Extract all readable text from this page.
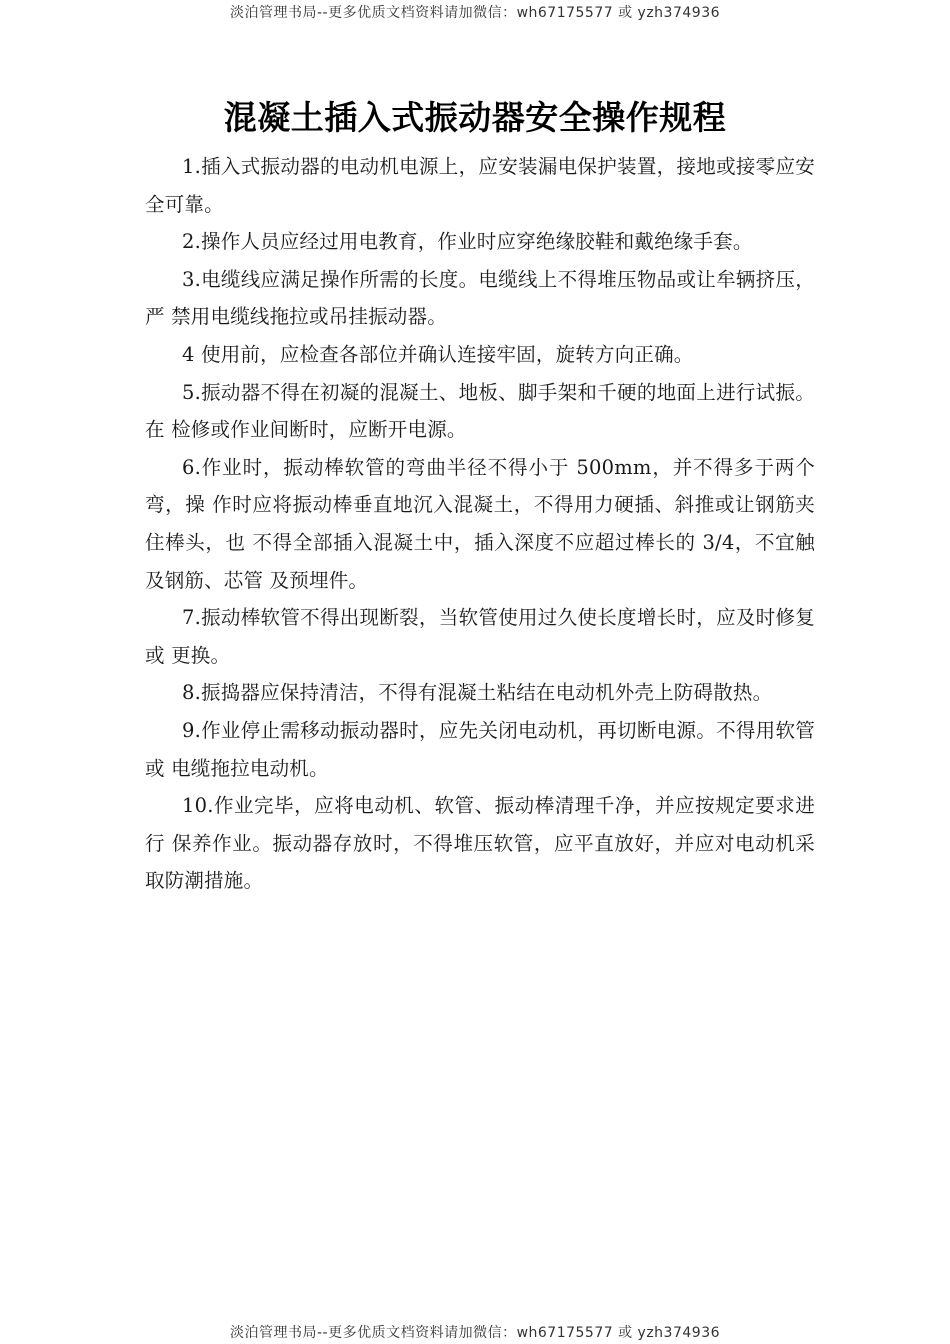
淡泊管理书局--更多优质文档资料请加微信：wh67175577 或 yzh374936
混凝土插入式振动器安全操作规程

1.插入式振动器的电动机电源上，应安装漏电保护装置，接地或接零应安全可靠。

2.操作人员应经过用电教育，作业时应穿绝缘胶鞋和戴绝缘手套。

3.电缆线应满足操作所需的长度。电缆线上不得堆压物品或让牟辆挤压，严 禁用电缆线拖拉或吊挂振动器。

4 使用前，应检查各部位并确认连接牢固，旋转方向正确。

5.振动器不得在初凝的混凝土、地板、脚手架和千硬的地面上进行试振。在 检修或作业间断时，应断开电源。

6.作业时，振动棒软管的弯曲半径不得小于 500mm，并不得多于两个弯，操 作时应将振动棒垂直地沉入混凝土，不得用力硬插、斜推或让钢筋夹住棒头，也 不得全部插入混凝土中，插入深度不应超过棒长的 3/4，不宜触及钢筋、芯管 及预埋件。

7.振动棒软管不得出现断裂，当软管使用过久使长度增长时，应及时修复或 更换。

8.振捣器应保持清洁，不得有混凝土粘结在电动机外壳上防碍散热。

9.作业停止需移动振动器时，应先关闭电动机，再切断电源。不得用软管或 电缆拖拉电动机。

10.作业完毕，应将电动机、软管、振动棒清理千净，并应按规定要求进行 保养作业。振动器存放时，不得堆压软管，应平直放好，并应对电动机采取防潮措施。

淡泊管理书局--更多优质文档资料请加微信：wh67175577 或 yzh374936
